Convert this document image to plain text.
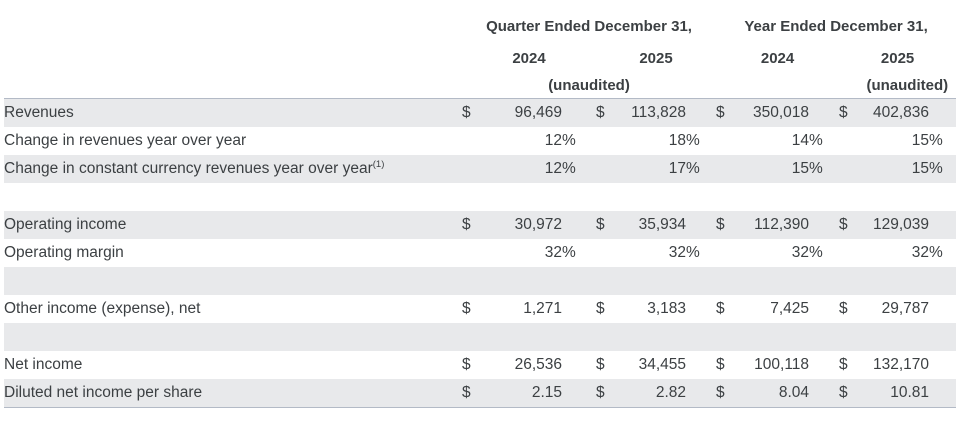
	Quarter Ended December 31,						Year Ended December 31,					
	2024			2025			2024			2025		
	(unaudited)						(unaudited)					
Revenues	$	96,469		$	113,828		$	350,018		$	402,836	
Change in revenues year over year		12	%		18	%		14	%		15	%
Change in constant currency revenues year over year$^{(1)}$		12	%		17	%		15	%		15	%

Operating income	$	30,972		$	35,934		$	112,390		$	129,039	
Operating margin		32	%		32	%		32	%		32	%

Other income (expense), net	$	1,271		$	3,183		$	7,425		$	29,787	

Net income	$	26,536		$	34,455		$	100,118		$	132,170	
Diluted net income per share	$	2.15		$	2.82		$	8.04		$	10.81	
